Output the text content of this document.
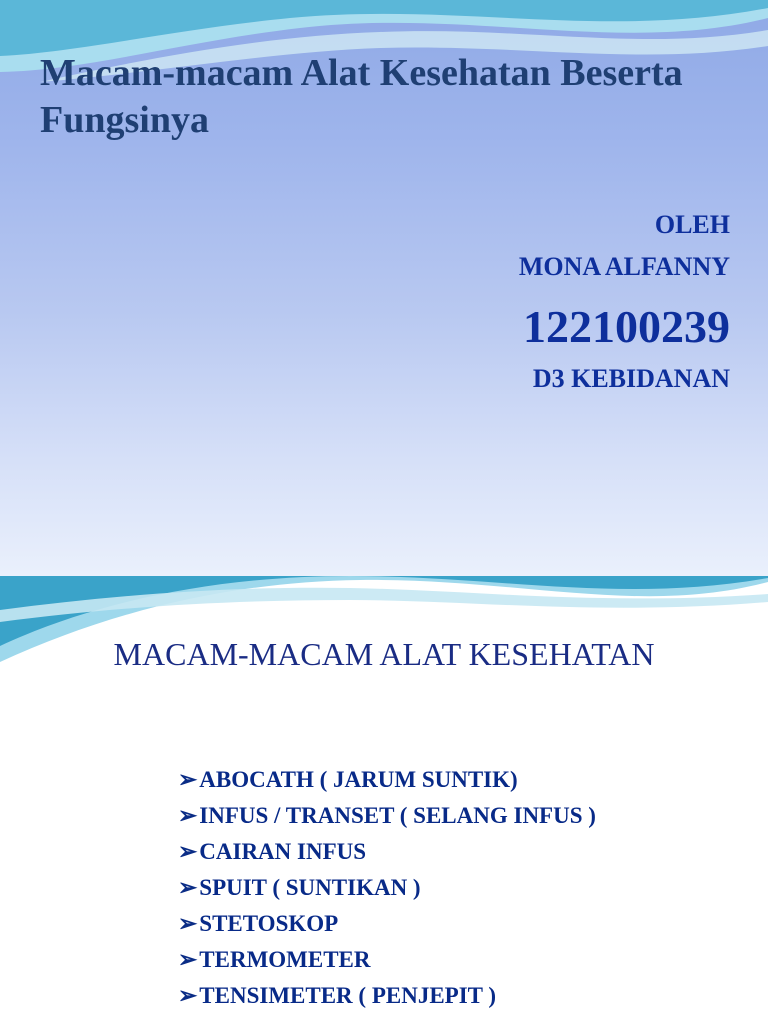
Macam-macam Alat Kesehatan Beserta Fungsinya

OLEH

MONA ALFANNY

122100239

D3 KEBIDANAN

MACAM-MACAM ALAT KESEHATAN
➢ABOCATH ( JARUM SUNTIK)
➢INFUS / TRANSET ( SELANG INFUS )
➢CAIRAN INFUS
➢SPUIT ( SUNTIKAN )
➢STETOSKOP
➢TERMOMETER
➢TENSIMETER ( PENJEPIT )
